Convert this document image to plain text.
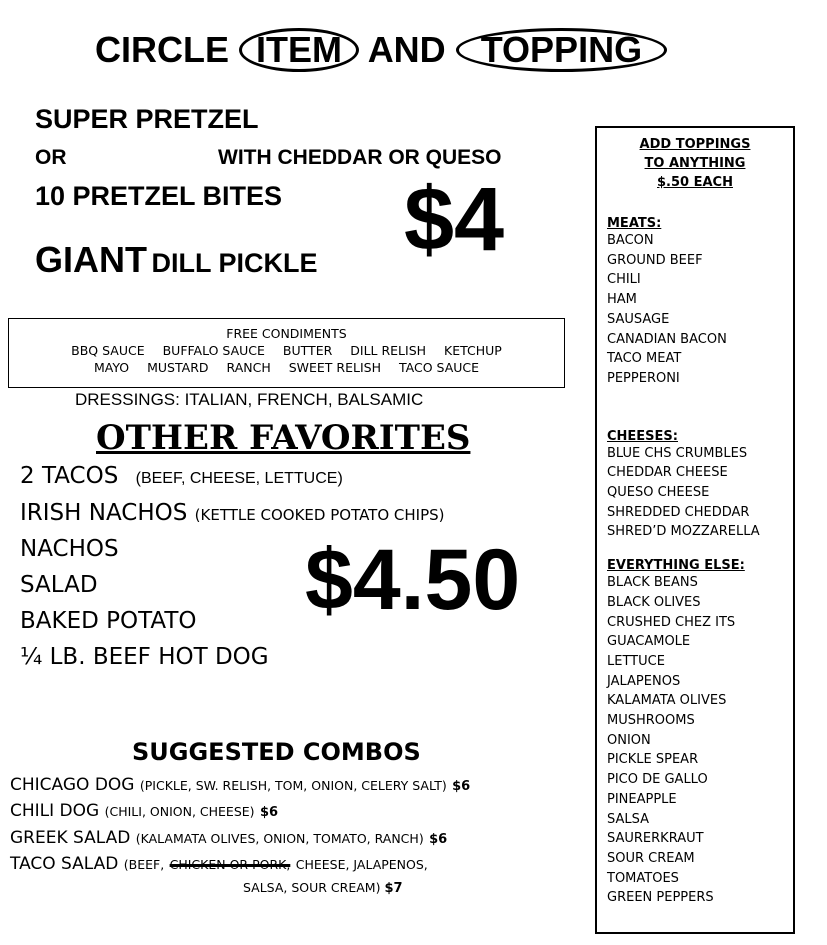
CIRCLE ITEM AND TOPPING
SUPER PRETZEL
OR	WITH CHEDDAR OR QUESO
10 PRETZEL BITES
GIANT DILL PICKLE $4
FREE CONDIMENTS
BBQ SAUCE BUFFALO SAUCE BUTTER DILL RELISH KETCHUP
MAYO MUSTARD RANCH SWEET RELISH TACO SAUCE
DRESSINGS: ITALIAN, FRENCH, BALSAMIC
OTHER FAVORITES
2 TACOS (BEEF, CHEESE, LETTUCE)
IRISH NACHOS (KETTLE COOKED POTATO CHIPS)
NACHOS
SALAD
BAKED POTATO
¼ LB. BEEF HOT DOG
$4.50
SUGGESTED COMBOS
CHICAGO DOG (PICKLE, SW. RELISH, TOM, ONION, CELERY SALT) $6
CHILI DOG (CHILI, ONION, CHEESE) $6
GREEK SALAD (KALAMATA OLIVES, ONION, TOMATO, RANCH) $6
TACO SALAD (BEEF, CHICKEN OR PORK, CHEESE, JALAPENOS,
SALSA, SOUR CREAM) $7
ADD TOPPINGS
TO ANYTHING
$.50 EACH
MEATS:
BACON
GROUND BEEF
CHILI
HAM
SAUSAGE
CANADIAN BACON
TACO MEAT
PEPPERONI
CHEESES:
BLUE CHS CRUMBLES
CHEDDAR CHEESE
QUESO CHEESE
SHREDDED CHEDDAR
SHRED’D MOZZARELLA
EVERYTHING ELSE:
BLACK BEANS
BLACK OLIVES
CRUSHED CHEZ ITS
GUACAMOLE
LETTUCE
JALAPENOS
KALAMATA OLIVES
MUSHROOMS
ONION
PICKLE SPEAR
PICO DE GALLO
PINEAPPLE
SALSA
SAURERKRAUT
SOUR CREAM
TOMATOES
GREEN PEPPERS
